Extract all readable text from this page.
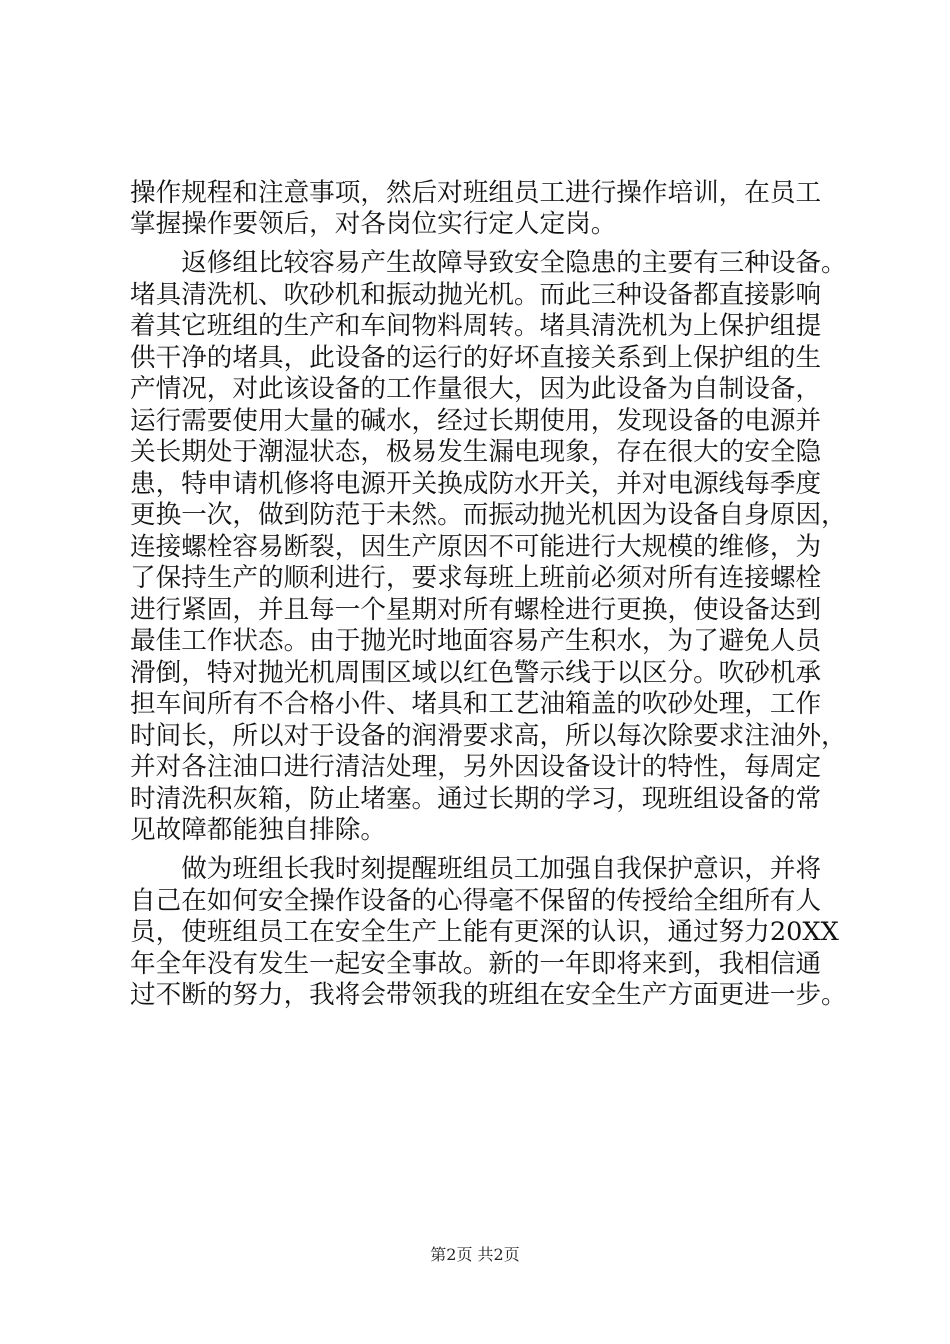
操作规程和注意事项，然后对班组员工进行操作培训，在员工
掌握操作要领后，对各岗位实行定人定岗。
　　返修组比较容易产生故障导致安全隐患的主要有三种设备。
堵具清洗机、吹砂机和振动抛光机。而此三种设备都直接影响
着其它班组的生产和车间物料周转。堵具清洗机为上保护组提
供干净的堵具，此设备的运行的好坏直接关系到上保护组的生
产情况，对此该设备的工作量很大，因为此设备为自制设备，
运行需要使用大量的碱水，经过长期使用，发现设备的电源并
关长期处于潮湿状态，极易发生漏电现象，存在很大的安全隐
患，特申请机修将电源开关换成防水开关，并对电源线每季度
更换一次，做到防范于未然。而振动抛光机因为设备自身原因，
连接螺栓容易断裂，因生产原因不可能进行大规模的维修，为
了保持生产的顺利进行，要求每班上班前必须对所有连接螺栓
进行紧固，并且每一个星期对所有螺栓进行更换，使设备达到
最佳工作状态。由于抛光时地面容易产生积水，为了避免人员
滑倒，特对抛光机周围区域以红色警示线于以区分。吹砂机承
担车间所有不合格小件、堵具和工艺油箱盖的吹砂处理，工作
时间长，所以对于设备的润滑要求高，所以每次除要求注油外，
并对各注油口进行清洁处理，另外因设备设计的特性，每周定
时清洗积灰箱，防止堵塞。通过长期的学习，现班组设备的常
见故障都能独自排除。
　　做为班组长我时刻提醒班组员工加强自我保护意识，并将
自己在如何安全操作设备的心得毫不保留的传授给全组所有人
员，使班组员工在安全生产上能有更深的认识，通过努力20XX
年全年没有发生一起安全事故。新的一年即将来到，我相信通
过不断的努力，我将会带领我的班组在安全生产方面更进一步。
第2页 共2页
